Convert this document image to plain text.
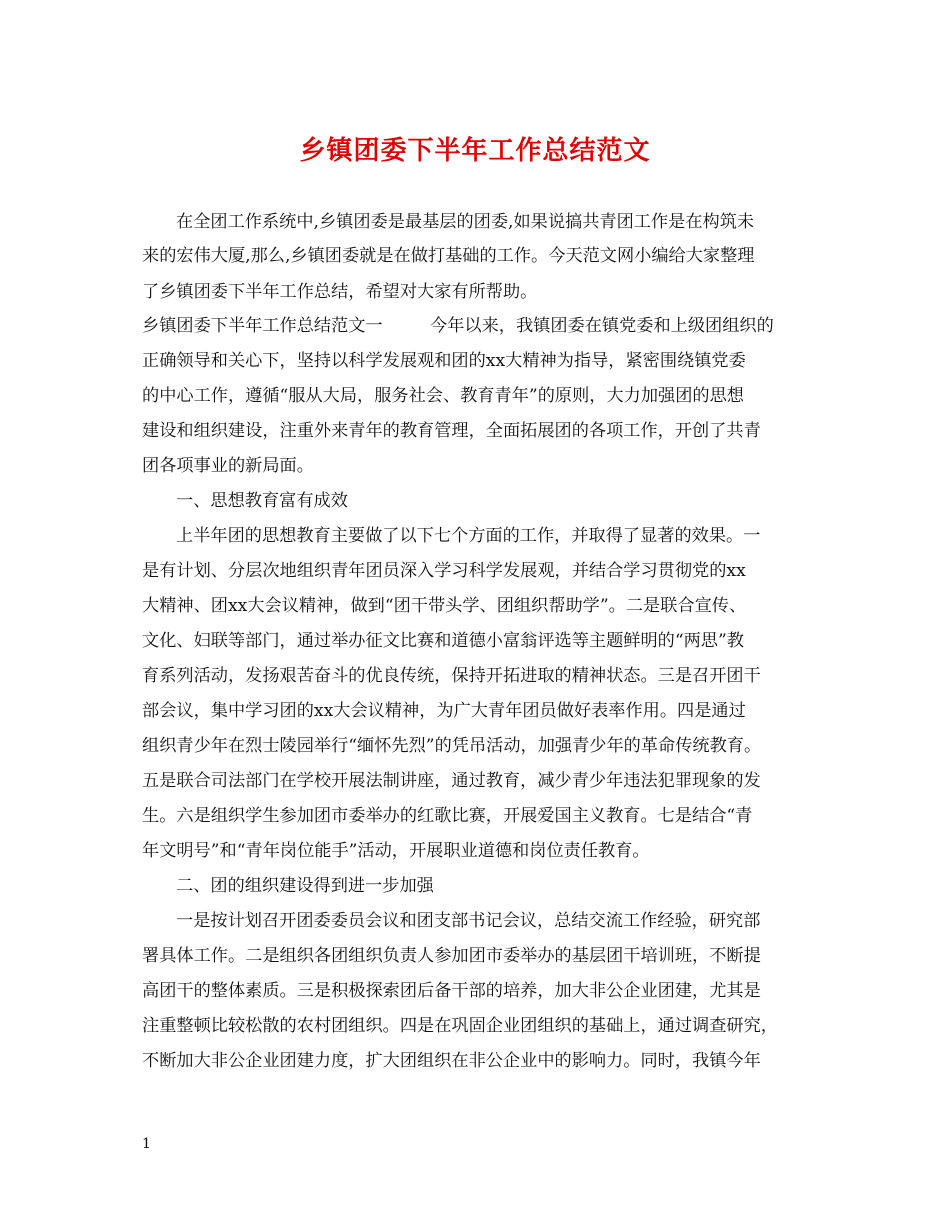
乡镇团委下半年工作总结范文
在全团工作系统中,乡镇团委是最基层的团委,如果说搞共青团工作是在构筑未
来的宏伟大厦,那么,乡镇团委就是在做打基础的工作。今天范文网小编给大家整理
了乡镇团委下半年工作总结，希望对大家有所帮助。
乡镇团委下半年工作总结范文一	今年以来，我镇团委在镇党委和上级团组织的
正确领导和关心下，坚持以科学发展观和团的xx大精神为指导，紧密围绕镇党委
的中心工作，遵循“服从大局，服务社会、教育青年”的原则，大力加强团的思想
建设和组织建设，注重外来青年的教育管理，全面拓展团的各项工作，开创了共青
团各项事业的新局面。
一、思想教育富有成效
上半年团的思想教育主要做了以下七个方面的工作，并取得了显著的效果。一
是有计划、分层次地组织青年团员深入学习科学发展观，并结合学习贯彻党的xx
大精神、团xx大会议精神，做到“团干带头学、团组织帮助学”。二是联合宣传、
文化、妇联等部门，通过举办征文比赛和道德小富翁评选等主题鲜明的“两思”教
育系列活动，发扬艰苦奋斗的优良传统，保持开拓进取的精神状态。三是召开团干
部会议，集中学习团的xx大会议精神，为广大青年团员做好表率作用。四是通过
组织青少年在烈士陵园举行“缅怀先烈”的凭吊活动，加强青少年的革命传统教育。
五是联合司法部门在学校开展法制讲座，通过教育，减少青少年违法犯罪现象的发
生。六是组织学生参加团市委举办的红歌比赛，开展爱国主义教育。七是结合“青
年文明号”和“青年岗位能手”活动，开展职业道德和岗位责任教育。
二、团的组织建设得到进一步加强
一是按计划召开团委委员会议和团支部书记会议，总结交流工作经验，研究部
署具体工作。二是组织各团组织负责人参加团市委举办的基层团干培训班，不断提
高团干的整体素质。三是积极探索团后备干部的培养，加大非公企业团建，尤其是
注重整顿比较松散的农村团组织。四是在巩固企业团组织的基础上，通过调查研究，
不断加大非公企业团建力度，扩大团组织在非公企业中的影响力。同时，我镇今年
1
